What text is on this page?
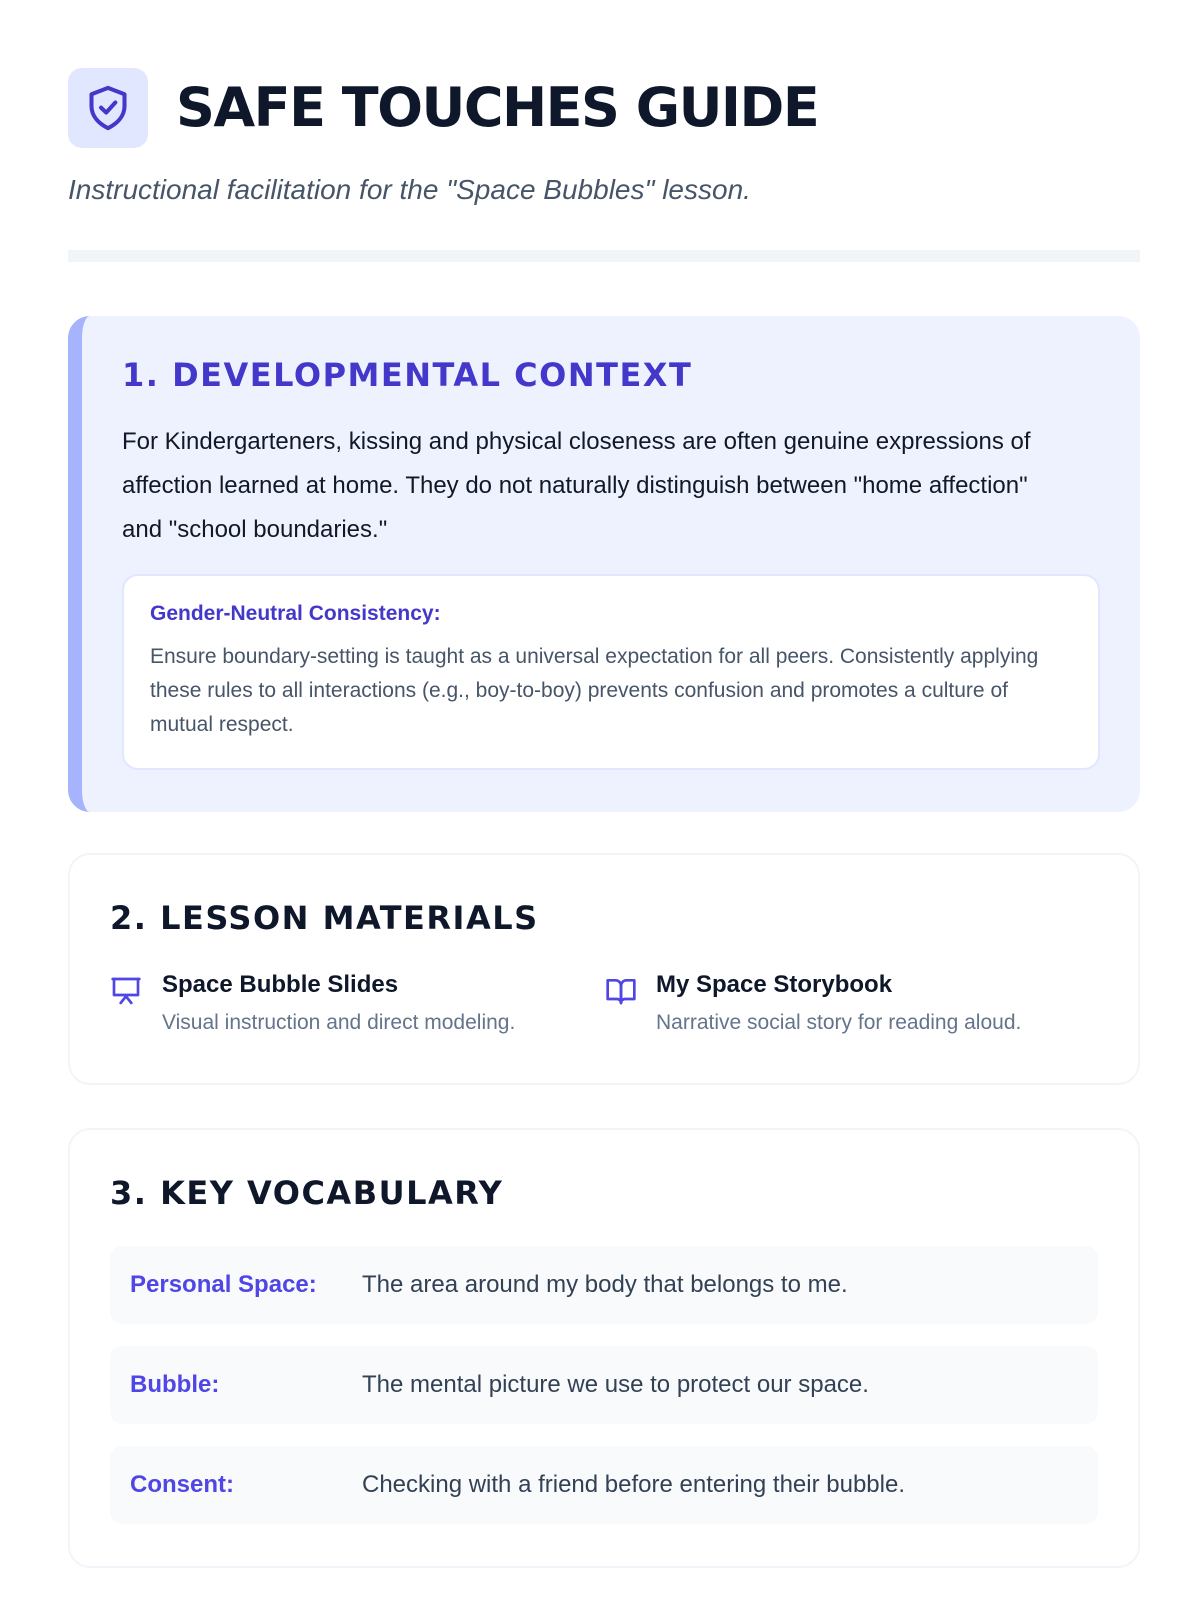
SAFE TOUCHES GUIDE

Instructional facilitation for the "Space Bubbles" lesson.

1. DEVELOPMENTAL CONTEXT

For Kindergarteners, kissing and physical closeness are often genuine expressions of affection learned at home. They do not naturally distinguish between "home affection" and "school boundaries."

Gender-Neutral Consistency:

Ensure boundary-setting is taught as a universal expectation for all peers. Consistently applying these rules to all interactions (e.g., boy-to-boy) prevents confusion and promotes a culture of mutual respect.

2. LESSON MATERIALS
Space Bubble Slides
Visual instruction and direct modeling.
My Space Storybook
Narrative social story for reading aloud.
3. KEY VOCABULARY
Personal Space:	The area around my body that belongs to me.
Bubble:	The mental picture we use to protect our space.
Consent:	Checking with a friend before entering their bubble.
